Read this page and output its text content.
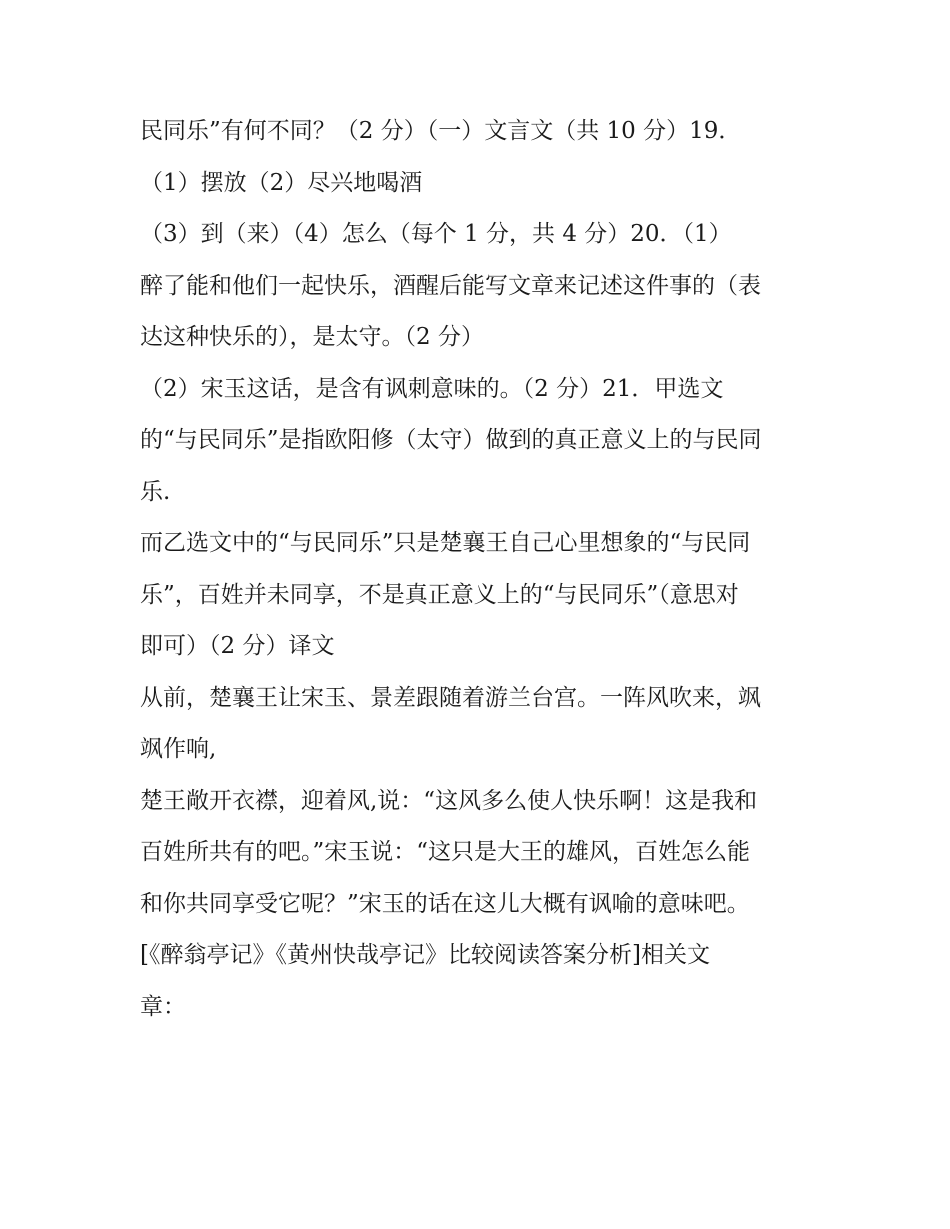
民同乐”有何不同？（2 分）（一）文言文（共 10 分）19．
（1）摆放（2）尽兴地喝酒
（3）到（来）（4）怎么（每个 1 分，共 4 分）20．（1）
醉了能和他们一起快乐，酒醒后能写文章来记述这件事的（表
达这种快乐的），是太守。（2 分）
（2）宋玉这话，是含有讽刺意味的。（2 分）21．甲选文
的“与民同乐”是指欧阳修（太守）做到的真正意义上的与民同
乐.
而乙选文中的“与民同乐”只是楚襄王自己心里想象的“与民同
乐”，百姓并未同享，不是真正意义上的“与民同乐”（意思对
即可）（2 分）译文
从前，楚襄王让宋玉、景差跟随着游兰台宫。一阵风吹来，飒
飒作响,
楚王敞开衣襟，迎着风,说：“这风多么使人快乐啊！这是我和
百姓所共有的吧。”宋玉说：“这只是大王的雄风，百姓怎么能
和你共同享受它呢？”宋玉的话在这儿大概有讽喻的意味吧。
[《醉翁亭记》《黄州快哉亭记》比较阅读答案分析]相关文
章：
